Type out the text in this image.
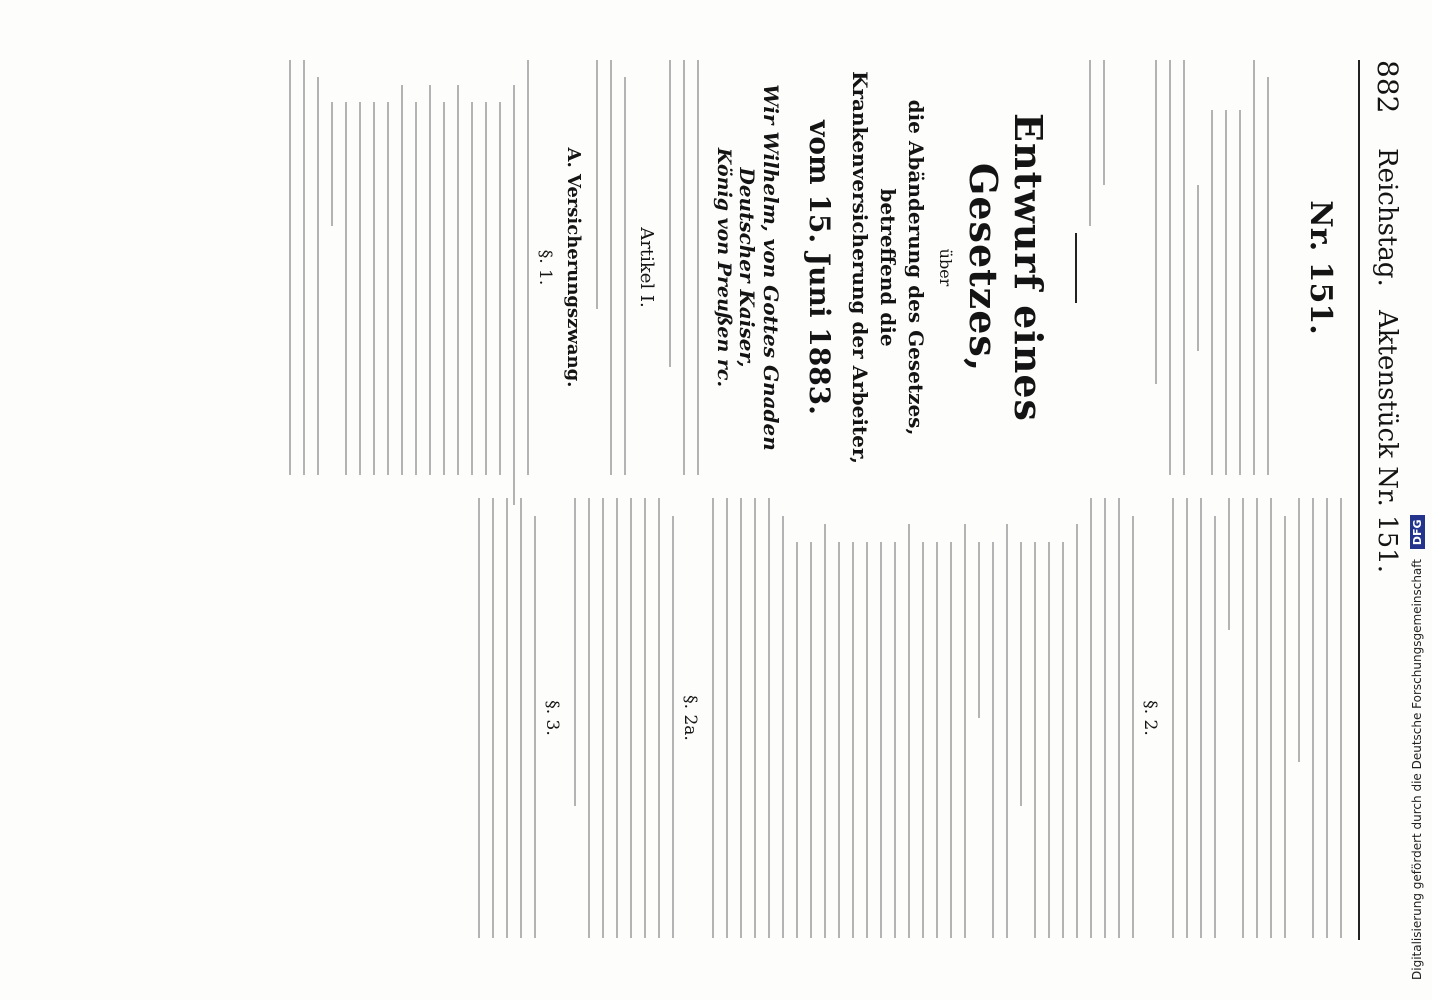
882
Reichstag.
Aktenstück Nr. 151.
Nr. 151.
Entwurf eines Gesetzes,
über
die Abänderung des Gesetzes, betreffend die Krankenversicherung der Arbeiter,
vom 15. Juni 1883.
Wir Wilhelm, von Gottes Gnaden Deutscher Kaiser,
König von Preußen rc.
Artikel I.
A. Versicherungszwang.
§. 1.
§. 2.
§. 2a.
§. 3.	Digitalisierung gefördert durch die Deutsche Forschungsgemeinschaft DFG
